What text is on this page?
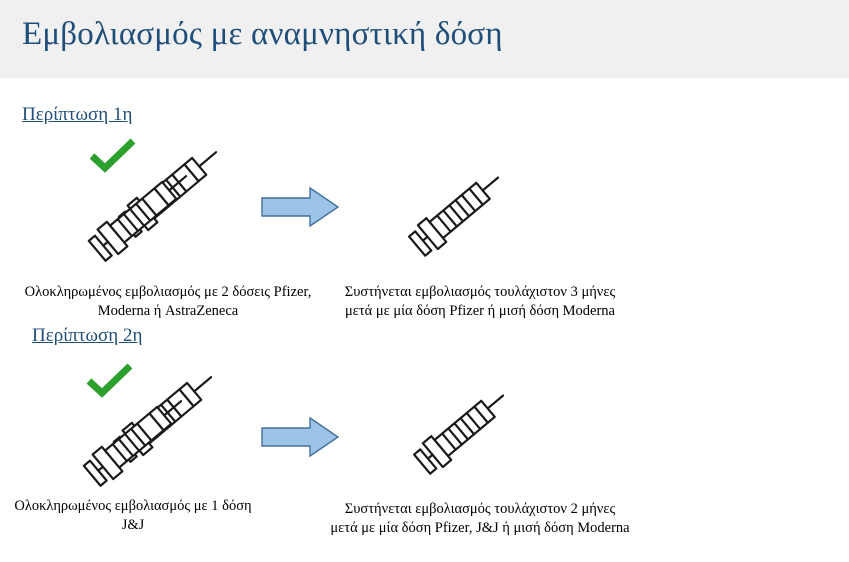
Εμβολιασμός με αναμνηστική δόση
Περίπτωση 1η
Ολοκληρωμένος εμβολιασμός με 2 δόσεις Pfizer, Moderna ή AstraZeneca
Συστήνεται εμβολιασμός τουλάχιστον 3 μήνες μετά με μία δόση Pfizer ή μισή δόση Moderna
Περίπτωση 2η
Ολοκληρωμένος εμβολιασμός με 1 δόση J&J
Συστήνεται εμβολιασμός τουλάχιστον 2 μήνες μετά με μία δόση Pfizer, J&J ή μισή δόση Moderna
